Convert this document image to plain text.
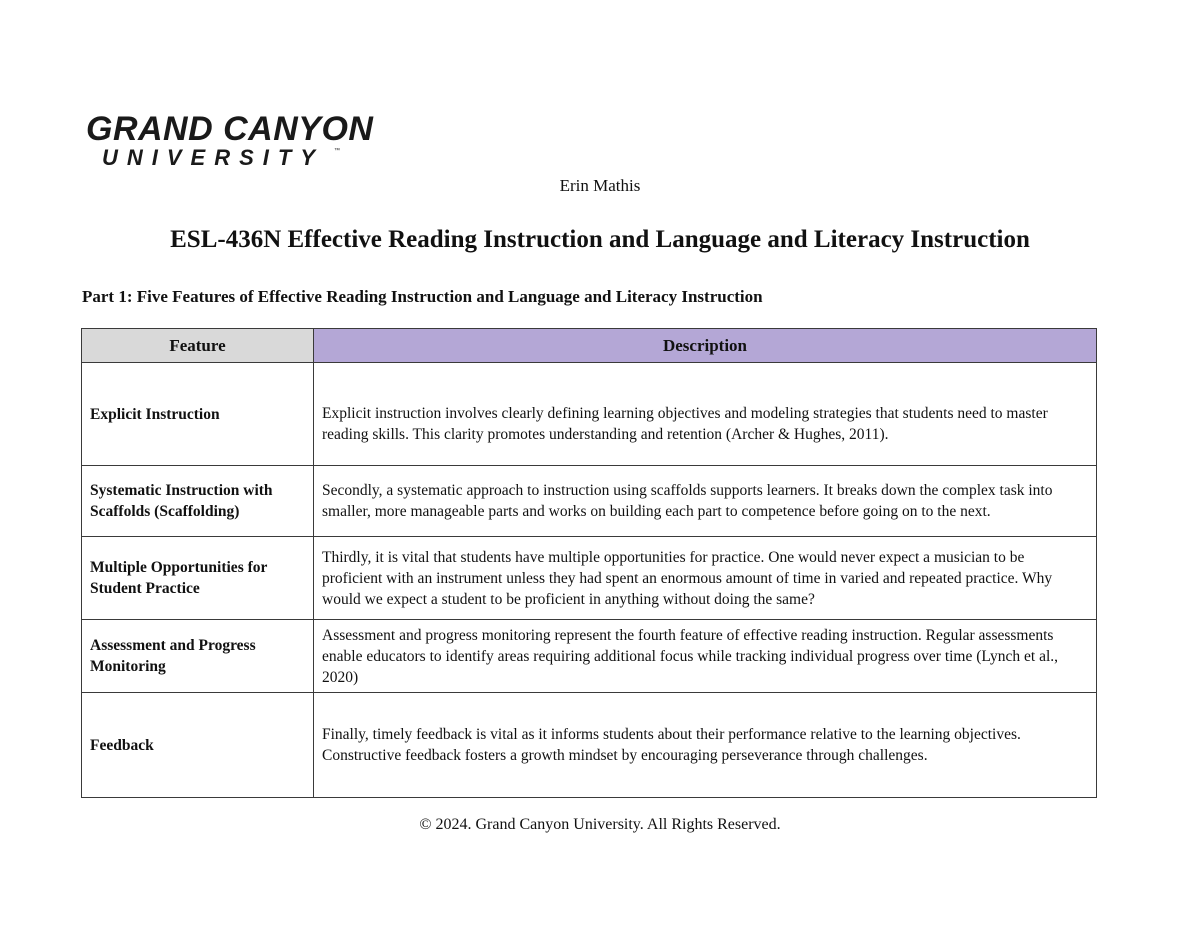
GRAND CANYON
UNIVERSITY ™
Erin Mathis
ESL-436N Effective Reading Instruction and Language and Literacy Instruction
Part 1: Five Features of Effective Reading Instruction and Language and Literacy Instruction
Feature	Description
Explicit Instruction	Explicit instruction involves clearly defining learning objectives and modeling strategies that students need to master reading skills. This clarity promotes understanding and retention (Archer & Hughes, 2011).
Systematic Instruction with Scaffolds (Scaffolding)	Secondly, a systematic approach to instruction using scaffolds supports learners. It breaks down the complex task into smaller, more manageable parts and works on building each part to competence before going on to the next.
Multiple Opportunities for Student Practice	Thirdly, it is vital that students have multiple opportunities for practice. One would never expect a musician to be proficient with an instrument unless they had spent an enormous amount of time in varied and repeated practice. Why would we expect a student to be proficient in anything without doing the same?
Assessment and Progress Monitoring	Assessment and progress monitoring represent the fourth feature of effective reading instruction. Regular assessments enable educators to identify areas requiring additional focus while tracking individual progress over time (Lynch et al., 2020)
Feedback	Finally, timely feedback is vital as it informs students about their performance relative to the learning objectives. Constructive feedback fosters a growth mindset by encouraging perseverance through challenges.
© 2024. Grand Canyon University. All Rights Reserved.
